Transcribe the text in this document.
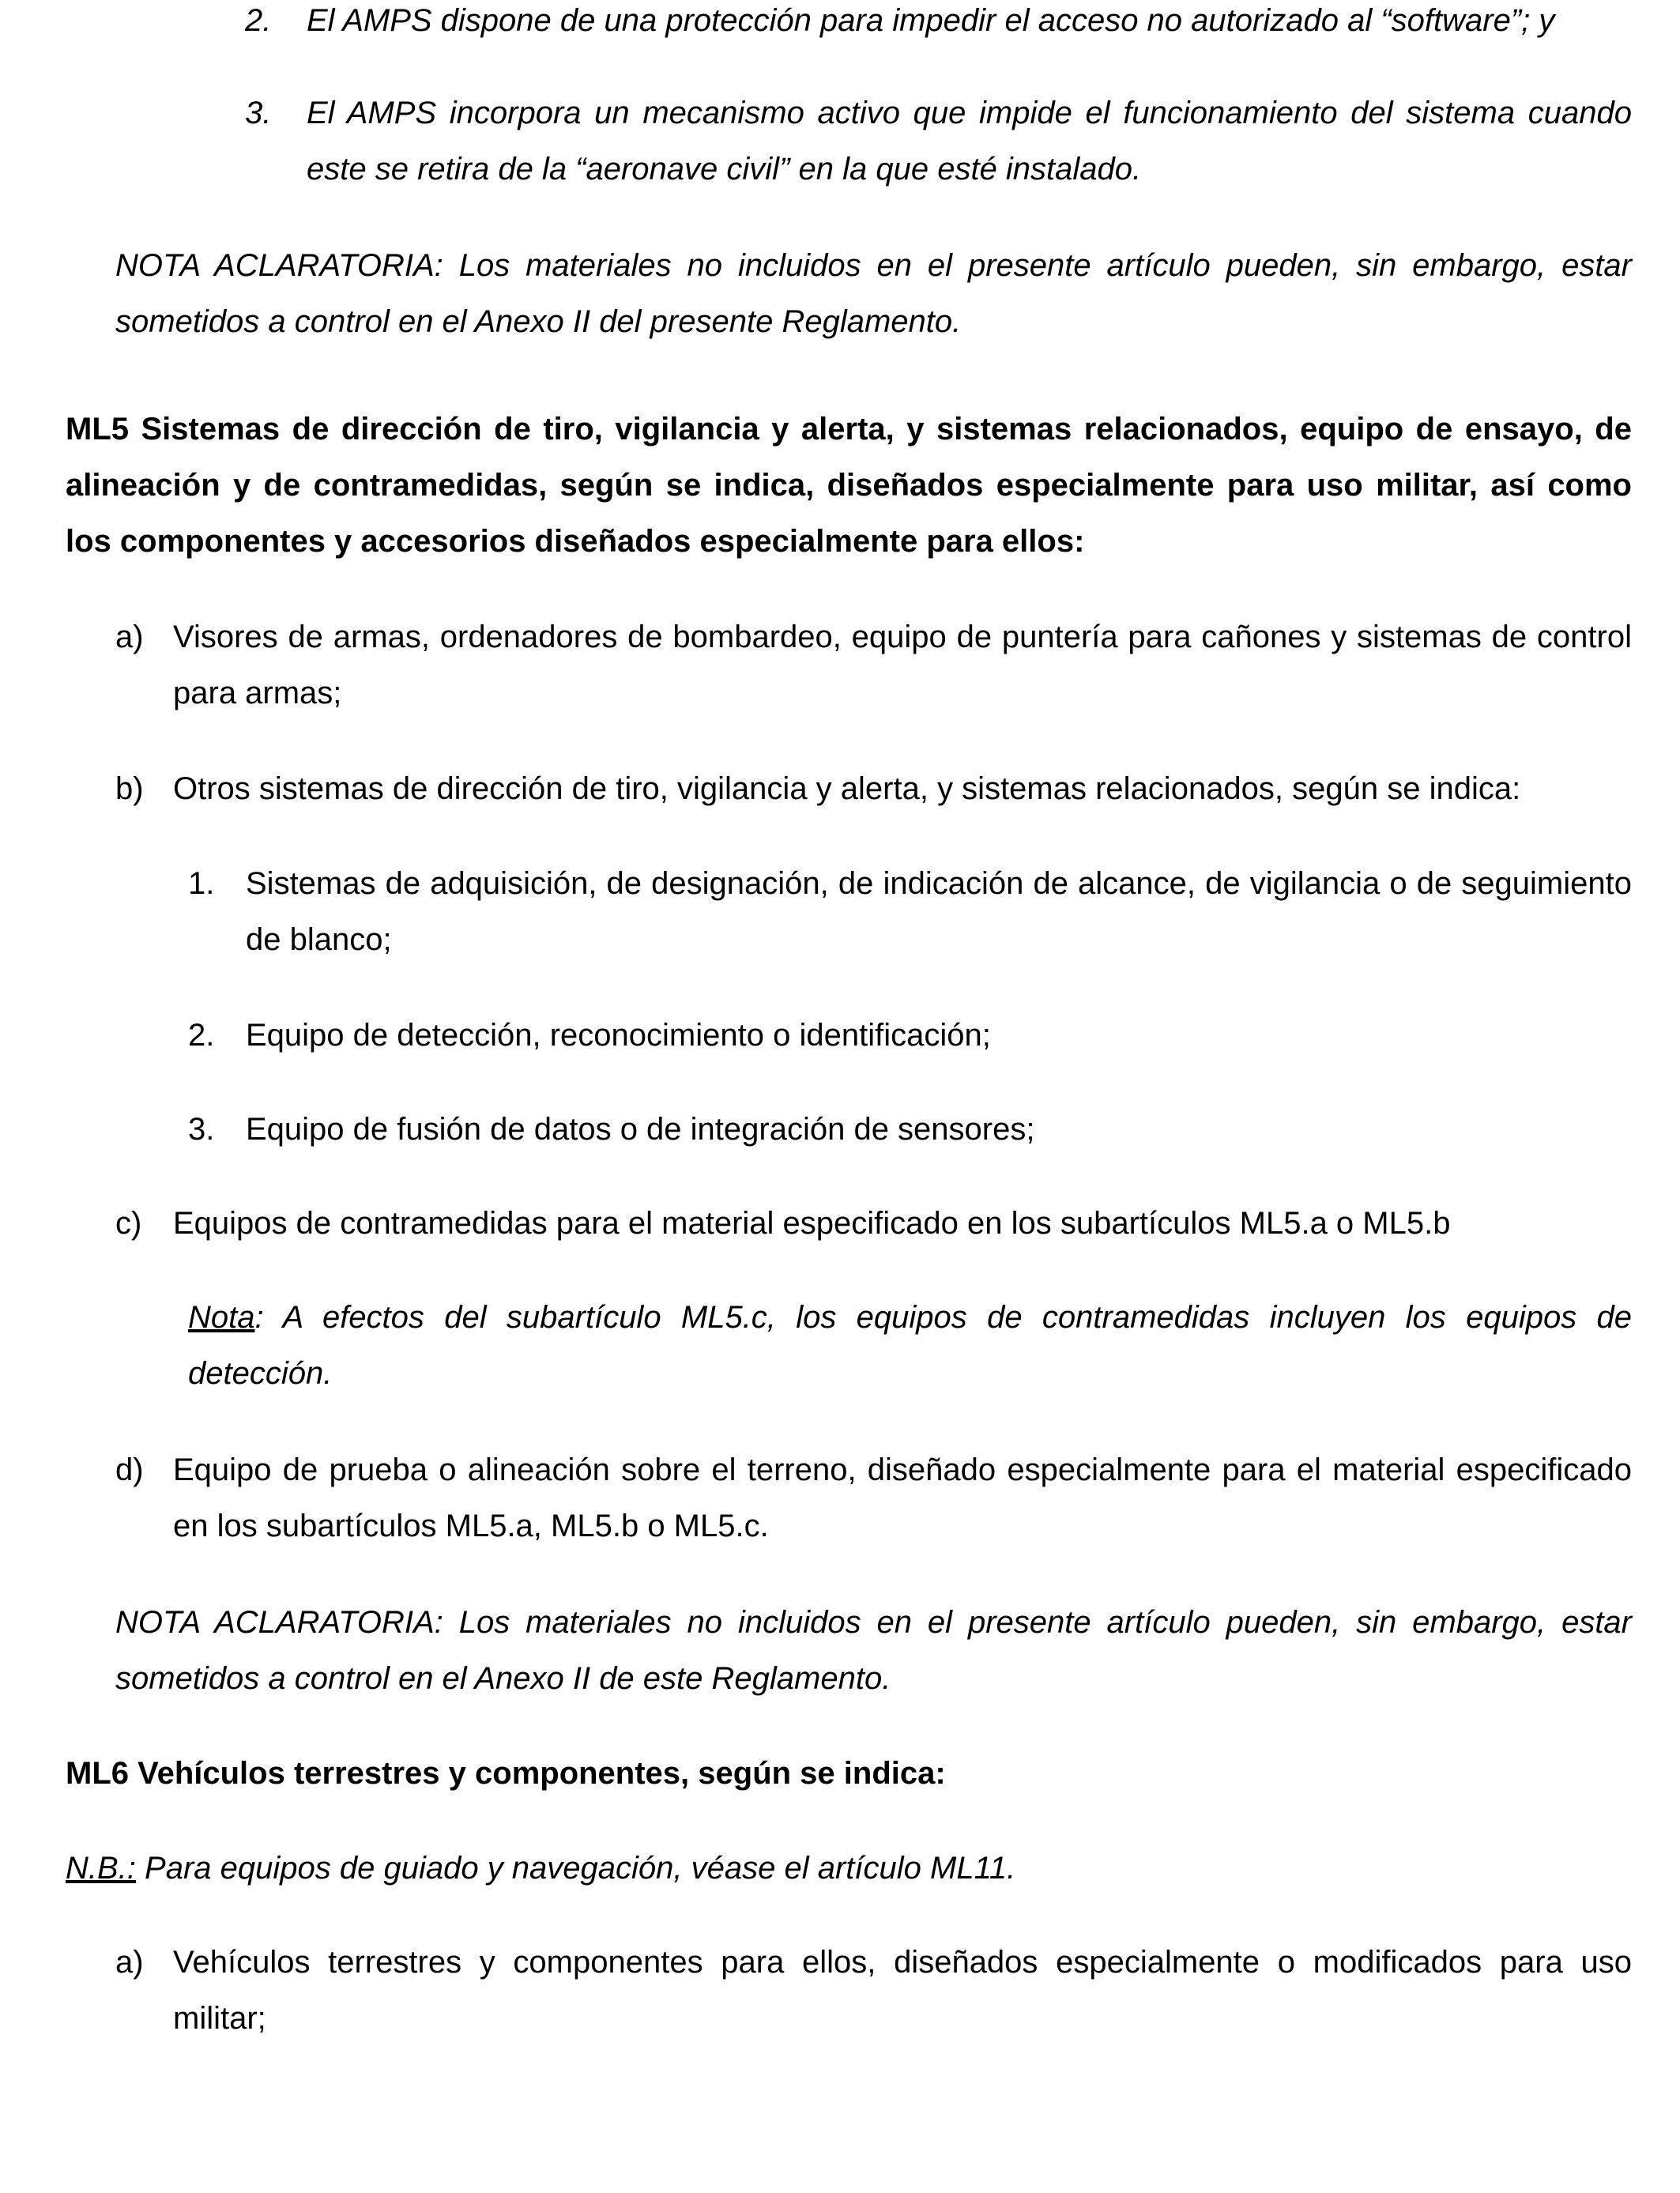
2. El AMPS dispone de una protección para impedir el acceso no autorizado al “software”; y
3. El AMPS incorpora un mecanismo activo que impide el funcionamiento del sistema cuando este se retira de la “aeronave civil” en la que esté instalado.

NOTA ACLARATORIA: Los materiales no incluidos en el presente artículo pueden, sin embargo, estar sometidos a control en el Anexo II del presente Reglamento.

ML5 Sistemas de dirección de tiro, vigilancia y alerta, y sistemas relacionados, equipo de ensayo, de alineación y de contramedidas, según se indica, diseñados especialmente para uso militar, así como los componentes y accesorios diseñados especialmente para ellos:

a) Visores de armas, ordenadores de bombardeo, equipo de puntería para cañones y sistemas de control para armas;
b) Otros sistemas de dirección de tiro, vigilancia y alerta, y sistemas relacionados, según se indica:
1. Sistemas de adquisición, de designación, de indicación de alcance, de vigilancia o de seguimiento de blanco;
2. Equipo de detección, reconocimiento o identificación;
3. Equipo de fusión de datos o de integración de sensores;
c) Equipos de contramedidas para el material especificado en los subartículos ML5.a o ML5.b

Nota: A efectos del subartículo ML5.c, los equipos de contramedidas incluyen los equipos de detección.

d) Equipo de prueba o alineación sobre el terreno, diseñado especialmente para el material especificado en los subartículos ML5.a, ML5.b o ML5.c.

NOTA ACLARATORIA: Los materiales no incluidos en el presente artículo pueden, sin embargo, estar sometidos a control en el Anexo II de este Reglamento.

ML6 Vehículos terrestres y componentes, según se indica:

N.B.: Para equipos de guiado y navegación, véase el artículo ML11.

a) Vehículos terrestres y componentes para ellos, diseñados especialmente o modificados para uso militar;
